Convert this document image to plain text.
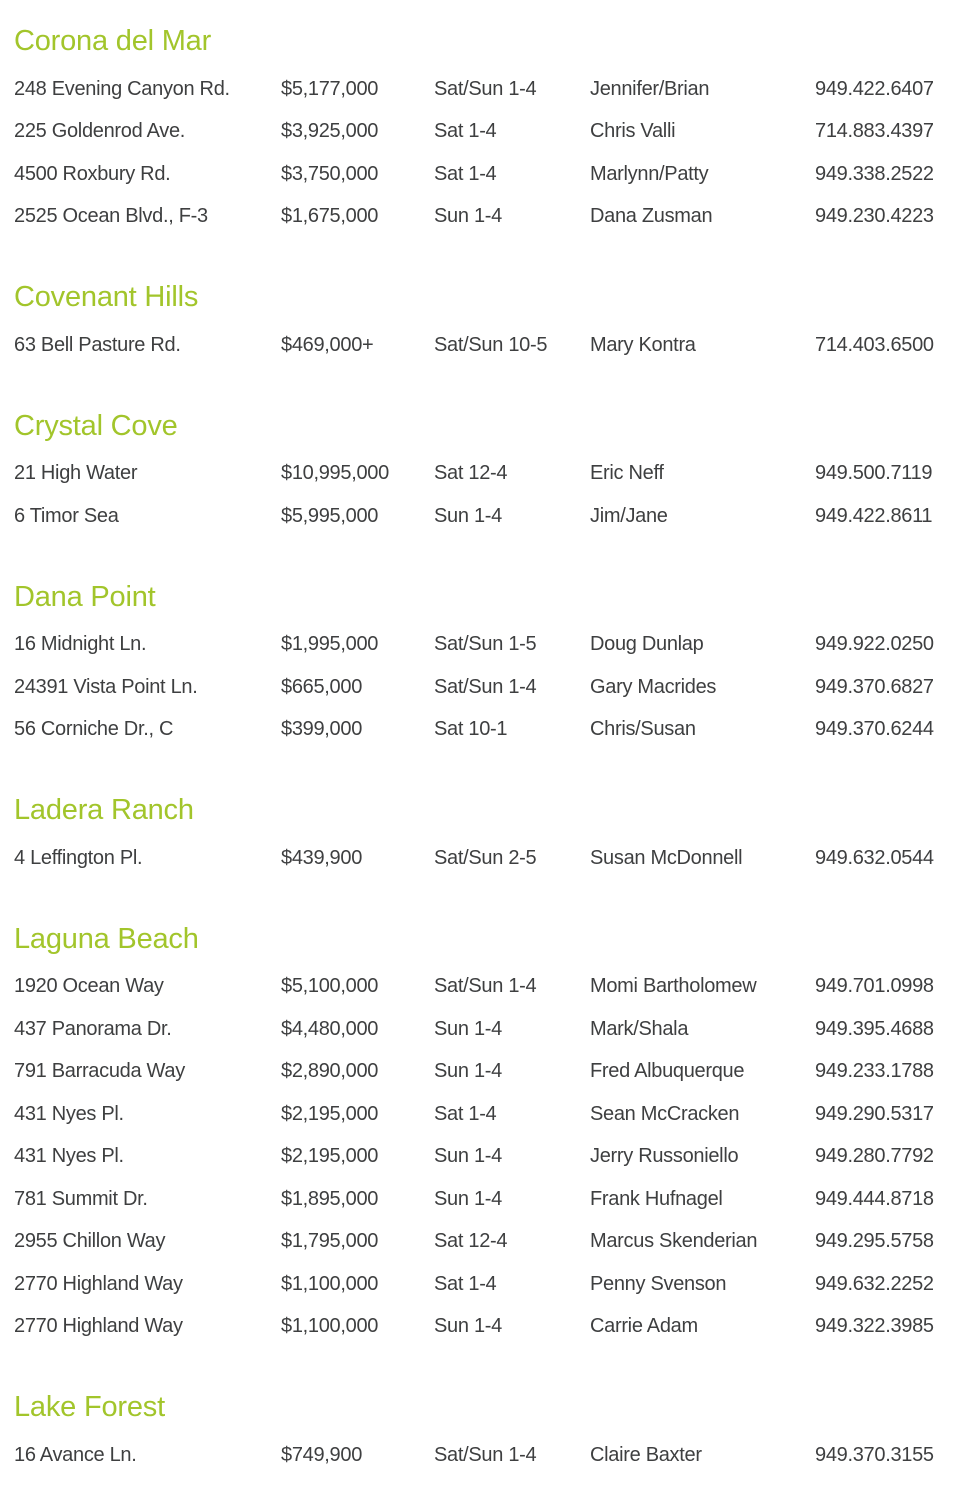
Corona del Mar
248 Evening Canyon Rd.	$5,177,000	Sat/Sun 1-4	Jennifer/Brian	949.422.6407
225 Goldenrod Ave.	$3,925,000	Sat 1-4	Chris Valli	714.883.4397
4500 Roxbury Rd.	$3,750,000	Sat 1-4	Marlynn/Patty	949.338.2522
2525 Ocean Blvd., F-3	$1,675,000	Sun 1-4	Dana Zusman	949.230.4223
Covenant Hills
63 Bell Pasture Rd.	$469,000+	Sat/Sun 10-5	Mary Kontra	714.403.6500
Crystal Cove
21 High Water	$10,995,000	Sat 12-4	Eric Neff	949.500.7119
6 Timor Sea	$5,995,000	Sun 1-4	Jim/Jane	949.422.8611
Dana Point
16 Midnight Ln.	$1,995,000	Sat/Sun 1-5	Doug Dunlap	949.922.0250
24391 Vista Point Ln.	$665,000	Sat/Sun 1-4	Gary Macrides	949.370.6827
56 Corniche Dr., C	$399,000	Sat 10-1	Chris/Susan	949.370.6244
Ladera Ranch
4 Leffington Pl.	$439,900	Sat/Sun 2-5	Susan McDonnell	949.632.0544
Laguna Beach
1920 Ocean Way	$5,100,000	Sat/Sun 1-4	Momi Bartholomew	949.701.0998
437 Panorama Dr.	$4,480,000	Sun 1-4	Mark/Shala	949.395.4688
791 Barracuda Way	$2,890,000	Sun 1-4	Fred Albuquerque	949.233.1788
431 Nyes Pl.	$2,195,000	Sat 1-4	Sean McCracken	949.290.5317
431 Nyes Pl.	$2,195,000	Sun 1-4	Jerry Russoniello	949.280.7792
781 Summit Dr.	$1,895,000	Sun 1-4	Frank Hufnagel	949.444.8718
2955 Chillon Way	$1,795,000	Sat 12-4	Marcus Skenderian	949.295.5758
2770 Highland Way	$1,100,000	Sat 1-4	Penny Svenson	949.632.2252
2770 Highland Way	$1,100,000	Sun 1-4	Carrie Adam	949.322.3985
Lake Forest
16 Avance Ln.	$749,900	Sat/Sun 1-4	Claire Baxter	949.370.3155
